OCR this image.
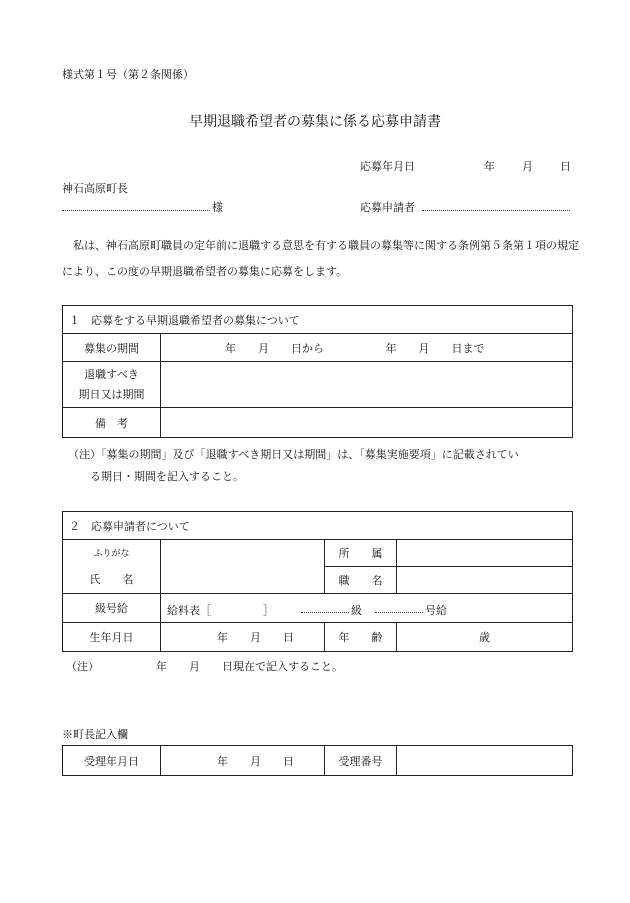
様式第１号（第２条関係）
早期退職希望者の募集に係る応募申請書
応募年月日	年 月 日
神石高原町長
様	応募申請者
私は、神石高原町職員の定年前に退職する意思を有する職員の募集等に関する条例第５条第１項の規定により、この度の早期退職希望者の募集に応募をします。
１　応募をする早期退職希望者の募集について	
募集の期間	年　　月　　日から 年　　月　　日まで

退職すべき
期日又は期間	

備　考	
（注）「募集の期間」及び「退職すべき期日又は期間」は、「募集実施要項」に記載されてい
る期日・期間を記入すること。
２　応募申請者について			

ふりがな
氏　　名		所　　属	
		職　　名	
級号給	給料表［ ］ 級 号給		

生年月日	年　　月　　日	年　　齢	歳
（注）	年　　月　　日現在で記入すること。
※町長記入欄
受理年月日	年　　月　　日	受理番号	
